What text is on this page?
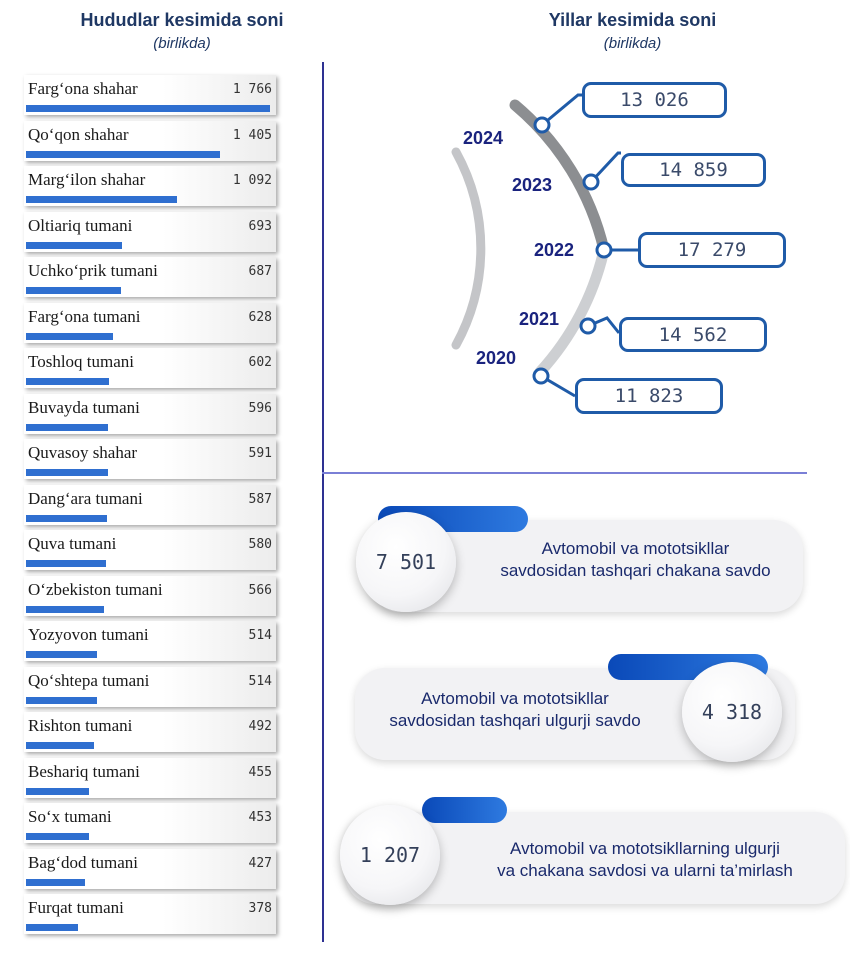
Hududlar kesimida soni
(birlikda)
Yillar kesimida soni
(birlikda)
Farg‘ona shahar	1 766
Qo‘qon shahar	1 405
Marg‘ilon shahar	1 092
Oltiariq tumani	693
Uchko‘prik tumani	687
Farg‘ona tumani	628
Toshloq tumani	602
Buvayda tumani	596
Quvasoy shahar	591
Dang‘ara tumani	587
Quva tumani	580
O‘zbekiston tumani	566
Yozyovon tumani	514
Qo‘shtepa tumani	514
Rishton tumani	492
Beshariq tumani	455
So‘x tumani	453
Bag‘dod tumani	427
Furqat tumani	378
13 026
2024
14 859
2023
17 279
2022
14 562
2021
11 823
2020
7 501
Avtomobil va mototsikllar
savdosidan tashqari chakana savdo
4 318
Avtomobil va mototsikllar
savdosidan tashqari ulgurji savdo
1 207	Avtomobil va mototsikllarning ulgurji
va chakana savdosi va ularni ta’mirlash
